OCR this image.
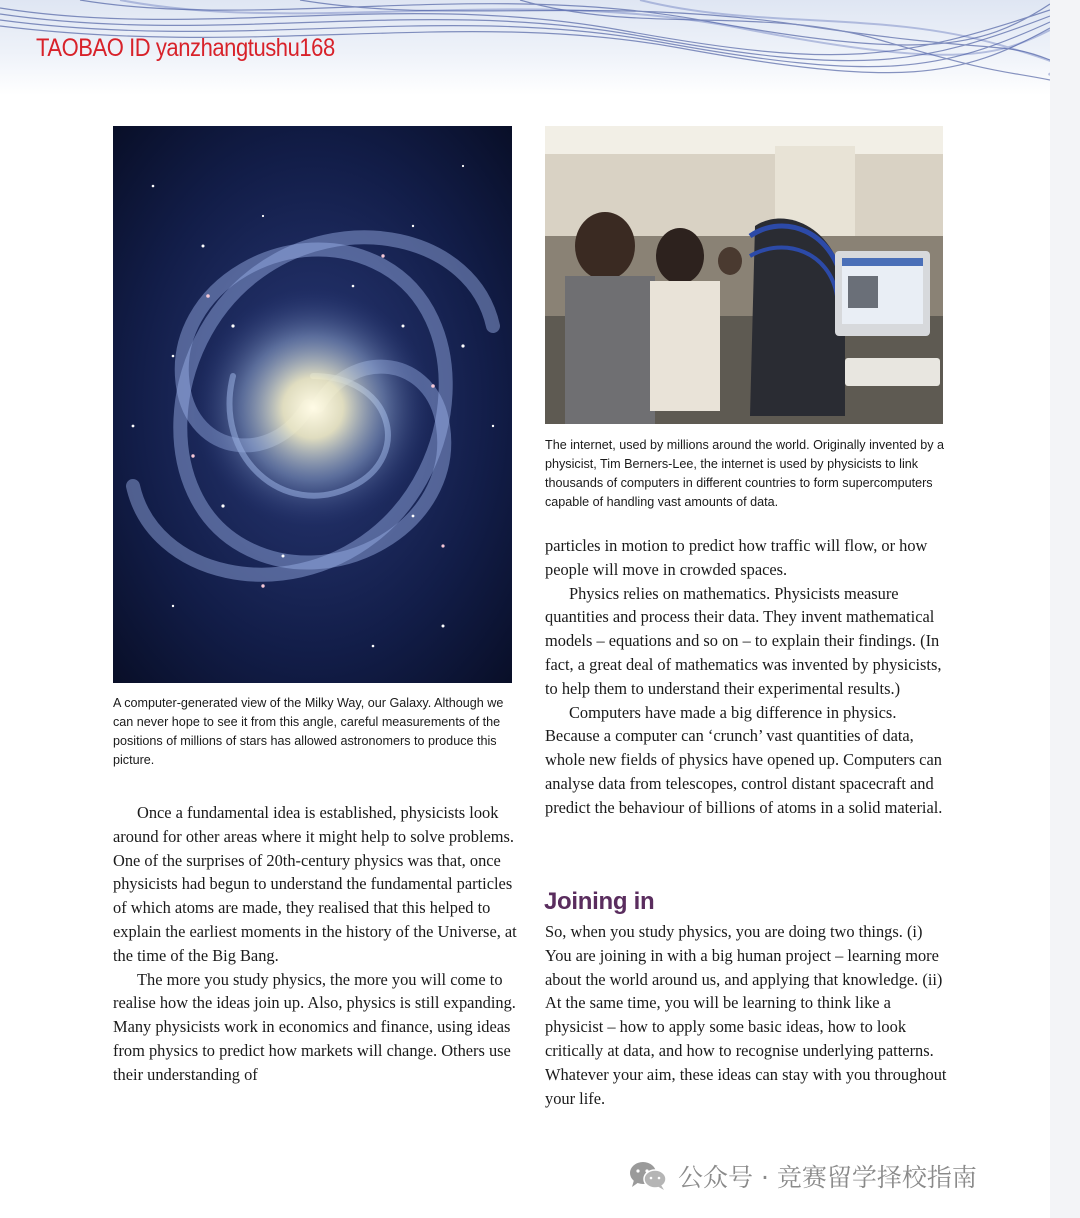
TAOBAO ID yanzhangtushu168
A computer-generated view of the Milky Way, our Galaxy. Although we can never hope to see it from this angle, careful measurements of the positions of millions of stars has allowed astronomers to produce this picture.
The internet, used by millions around the world. Originally invented by a physicist, Tim Berners-Lee, the internet is used by physicists to link thousands of computers in different countries to form supercomputers capable of handling vast amounts of data.

Once a fundamental idea is established, physicists look around for other areas where it might help to solve problems. One of the surprises of 20th-century physics was that, once physicists had begun to understand the fundamental particles of which atoms are made, they realised that this helped to explain the earliest moments in the history of the Universe, at the time of the Big Bang.

The more you study physics, the more you will come to realise how the ideas join up. Also, physics is still expanding. Many physicists work in economics and finance, using ideas from physics to predict how markets will change. Others use their understanding of

particles in motion to predict how traffic will flow, or how people will move in crowded spaces.

Physics relies on mathematics. Physicists measure quantities and process their data. They invent mathematical models – equations and so on – to explain their findings. (In fact, a great deal of mathematics was invented by physicists, to help them to understand their experimental results.)

Computers have made a big difference in physics. Because a computer can ‘crunch’ vast quantities of data, whole new fields of physics have opened up. Computers can analyse data from telescopes, control distant spacecraft and predict the behaviour of billions of atoms in a solid material.

Joining in

So, when you study physics, you are doing two things. (i) You are joining in with a big human project – learning more about the world around us, and applying that knowledge. (ii) At the same time, you will be learning to think like a physicist – how to apply some basic ideas, how to look critically at data, and how to recognise underlying patterns. Whatever your aim, these ideas can stay with you throughout your life.

公众号 · 竞赛留学择校指南
